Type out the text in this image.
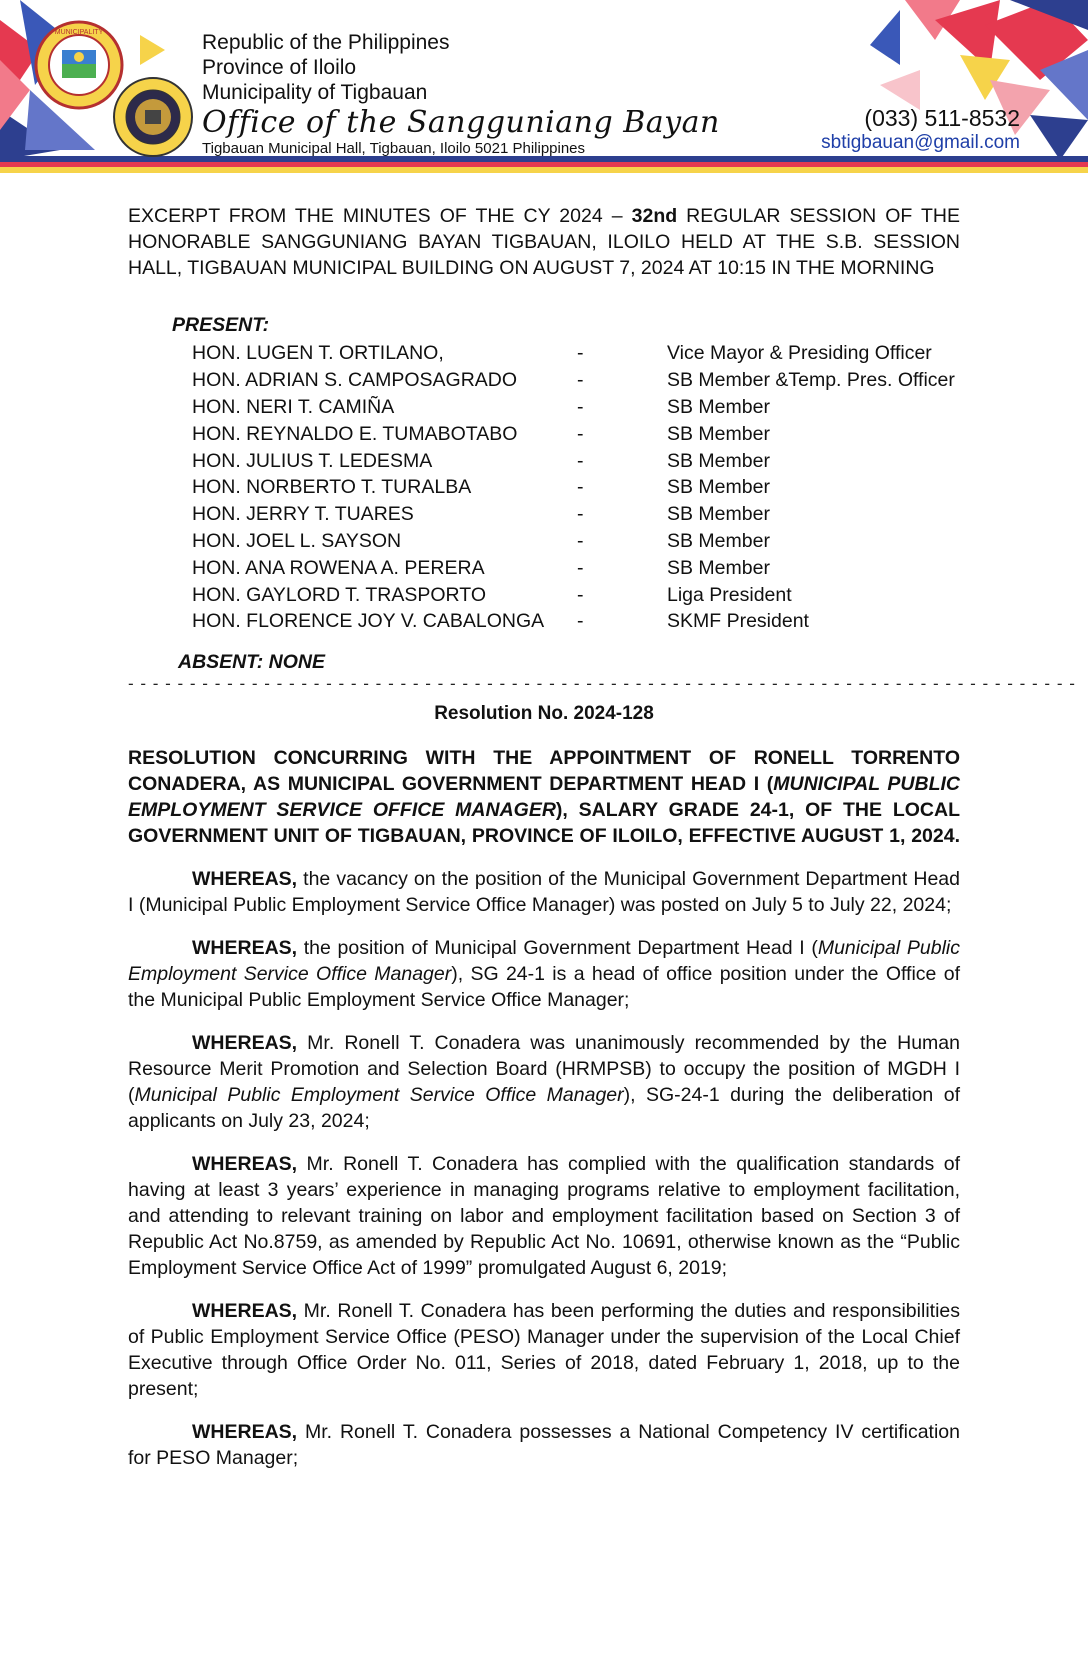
MUNICIPALITY	Republic of the Philippines
Province of Iloilo
Municipality of Tigbauan
Office of the Sangguniang Bayan
Tigbauan Municipal Hall, Tigbauan, Iloilo 5021 Philippines
(033) 511-8532
sbtigbauan@gmail.com

EXCERPT FROM THE MINUTES OF THE CY 2024 – 32nd REGULAR SESSION OF THE HONORABLE SANGGUNIANG BAYAN TIGBAUAN, ILOILO HELD AT THE S.B. SESSION HALL, TIGBAUAN MUNICIPAL BUILDING ON AUGUST 7, 2024 AT 10:15 IN THE MORNING

PRESENT:

HON. LUGEN T. ORTILANO,	-	Vice Mayor & Presiding Officer
HON. ADRIAN S. CAMPOSAGRADO	-	SB Member &Temp. Pres. Officer
HON. NERI T. CAMIÑA	-	SB Member
HON. REYNALDO E. TUMABOTABO	-	SB Member
HON. JULIUS T. LEDESMA	-	SB Member
HON. NORBERTO T. TURALBA	-	SB Member
HON. JERRY T. TUARES	-	SB Member
HON. JOEL L. SAYSON	-	SB Member
HON. ANA ROWENA A. PERERA	-	SB Member
HON. GAYLORD T. TRASPORTO	-	Liga President
HON. FLORENCE JOY V. CABALONGA	-	SKMF President
ABSENT: NONE
- - - - - - - - - - - - - - - - - - - - - - - - - - - - - - - - - - - - - - - - - - - - - - - - - - - - - - - - - - - - - - - - - - - - - - - - - - - - -
Resolution No. 2024-128
RESOLUTION CONCURRING WITH THE APPOINTMENT OF RONELL TORRENTO CONADERA, AS MUNICIPAL GOVERNMENT DEPARTMENT HEAD I (MUNICIPAL PUBLIC EMPLOYMENT SERVICE OFFICE MANAGER), SALARY GRADE 24-1, OF THE LOCAL GOVERNMENT UNIT OF TIGBAUAN, PROVINCE OF ILOILO, EFFECTIVE AUGUST 1, 2024.
WHEREAS, the vacancy on the position of the Municipal Government Department Head I (Municipal Public Employment Service Office Manager) was posted on July 5 to July 22, 2024;
WHEREAS, the position of Municipal Government Department Head I (Municipal Public Employment Service Office Manager), SG 24-1 is a head of office position under the Office of the Municipal Public Employment Service Office Manager;
WHEREAS, Mr. Ronell T. Conadera was unanimously recommended by the Human Resource Merit Promotion and Selection Board (HRMPSB) to occupy the position of MGDH I (Municipal Public Employment Service Office Manager), SG-24-1 during the deliberation of applicants on July 23, 2024;
WHEREAS, Mr. Ronell T. Conadera has complied with the qualification standards of having at least 3 years’ experience in managing programs relative to employment facilitation, and attending to relevant training on labor and employment facilitation based on Section 3 of Republic Act No.8759, as amended by Republic Act No. 10691, otherwise known as the “Public Employment Service Office Act of 1999” promulgated August 6, 2019;
WHEREAS, Mr. Ronell T. Conadera has been performing the duties and responsibilities of Public Employment Service Office (PESO) Manager under the supervision of the Local Chief Executive through Office Order No. 011, Series of 2018, dated February 1, 2018, up to the present;
WHEREAS, Mr. Ronell T. Conadera possesses a National Competency IV certification for PESO Manager;
